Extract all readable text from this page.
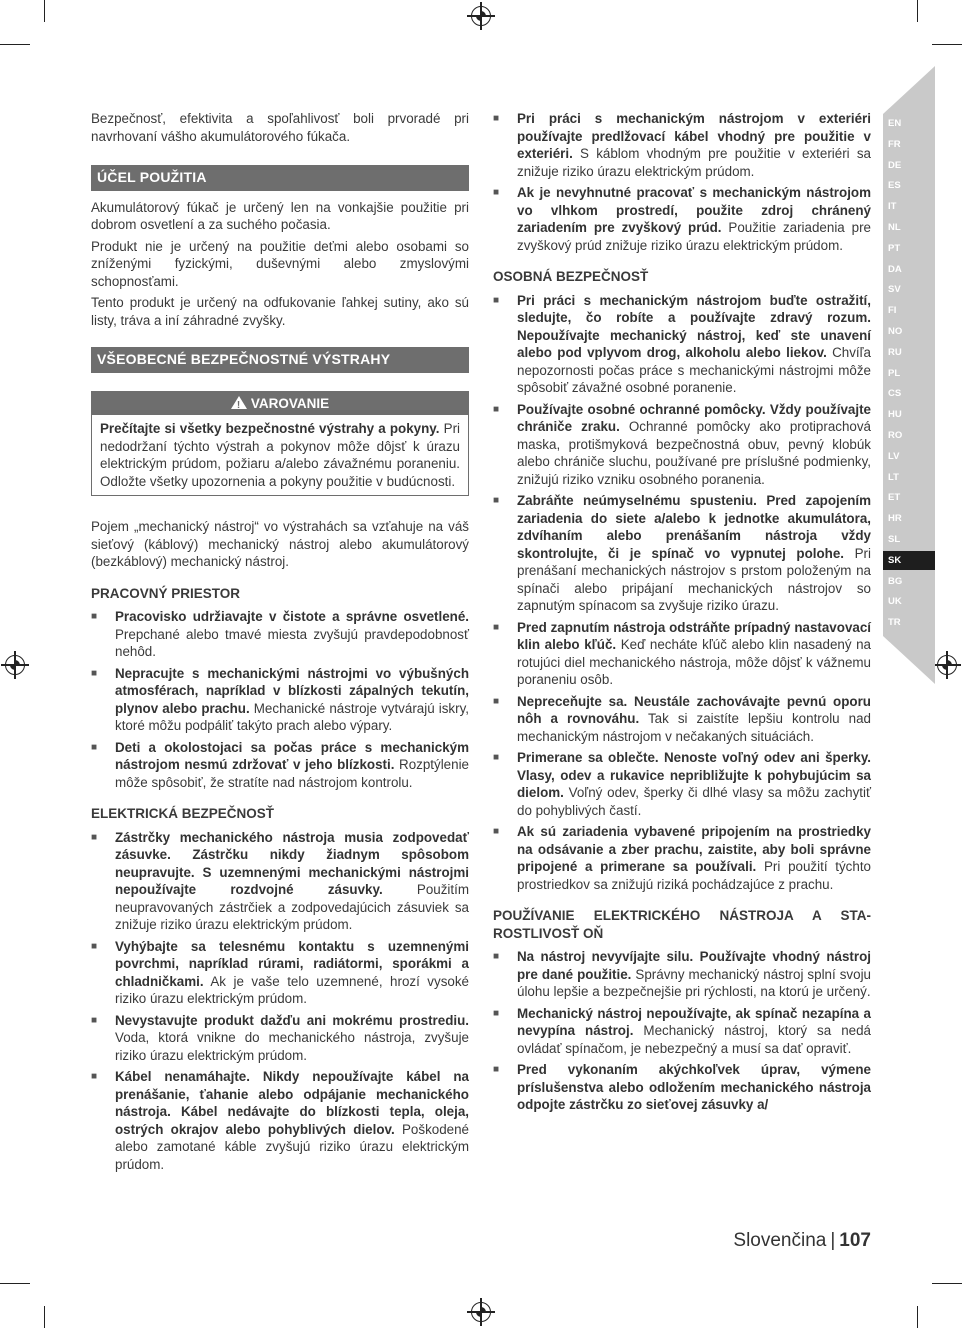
Bezpečnosť, efektivita a spoľahlivosť boli prvoradé pri navrhovaní vášho akumulátorového fúkača.

ÚČEL POUŽITIA

Akumulátorový fúkač je určený len na vonkajšie použitie pri dobrom osvetlení a za suchého počasia.

Produkt nie je určený na použitie deťmi alebo osobami so zníženými fyzickými, duševnými alebo zmyslovými schopnosťami.

Tento produkt je určený na odfukovanie ľahkej sutiny, ako sú listy, tráva a iní záhradné zvyšky.

VŠEOBECNÉ BEZPEČNOSTNÉ VÝSTRAHY
!VAROVANIE
Prečítajte si všetky bezpečnostné výstrahy a pokyny. Pri nedodržaní týchto výstrah a pokynov môže dôjsť k úrazu elektrickým prúdom, požiaru a/alebo závažnému poraneniu. Odložte všetky upozornenia a pokyny použitie v budúcnosti.

Pojem „mechanický nástroj“ vo výstrahách sa vzťahuje na váš sieťový (káblový) mechanický nástroj alebo akumulátorový (bezkáblový) mechanický nástroj.

PRACOVNÝ PRIESTOR
■ Pracovisko udržiavajte v čistote a správne osvetlené. Prepchané alebo tmavé miesta zvyšujú pravdepodobnosť nehôd.
■ Nepracujte s mechanickými nástrojmi vo výbušných atmosférach, napríklad v blízkosti zápalných tekutín, plynov alebo prachu. Mechanické nástroje vytvárajú iskry, ktoré môžu podpáliť takýto prach alebo výpary.
■ Deti a okolostojaci sa počas práce s mechanickým nástrojom nesmú zdržovať v jeho blízkosti. Rozptýlenie môže spôsobiť, že stratíte nad nástrojom kontrolu.
ELEKTRICKÁ BEZPEČNOSŤ
■ Zástrčky mechanického nástroja musia zodpovedať zásuvke. Zástrčku nikdy žiadnym spôsobom neupravujte. S uzemnenými mechanickými nástrojmi nepoužívajte rozdvojné zásuvky. Použitím neupravovaných zástrčiek a zodpovedajúcich zásuviek sa znižuje riziko úrazu elektrickým prúdom.
■ Vyhýbajte sa telesnému kontaktu s uzemnenými povrchmi, napríklad rúrami, radiátormi, sporákmi a chladničkami. Ak je vaše telo uzemnené, hrozí vysoké riziko úrazu elektrickým prúdom.
■ Nevystavujte produkt dažďu ani mokrému prostrediu. Voda, ktorá vnikne do mechanického nástroja, zvyšuje riziko úrazu elektrickým prúdom.
■ Kábel nenamáhajte. Nikdy nepoužívajte kábel na prenášanie, ťahanie alebo odpájanie mechanického nástroja. Kábel nedávajte do blízkosti tepla, oleja, ostrých okrajov alebo pohyblivých dielov. Poškodené alebo zamotané káble zvyšujú riziko úrazu elektrickým prúdom.
■ Pri práci s mechanickým nástrojom v exteriéri používajte predlžovací kábel vhodný pre použitie v exteriéri. S káblom vhodným pre použitie v exteriéri sa znižuje riziko úrazu elektrickým prúdom.
■ Ak je nevyhnutné pracovať s mechanickým nástrojom vo vlhkom prostredí, použite zdroj chránený zariadením pre zvyškový prúd. Použitie zariadenia pre zvyškový prúd znižuje riziko úrazu elektrickým prúdom.
OSOBNÁ BEZPEČNOSŤ
■ Pri práci s mechanickým nástrojom buďte ostražití, sledujte, čo robíte a používajte zdravý rozum. Nepoužívajte mechanický nástroj, keď ste unavení alebo pod vplyvom drog, alkoholu alebo liekov. Chvíľa nepozornosti počas práce s mechanickými nástrojmi môže spôsobiť závažné osobné poranenie.
■ Používajte osobné ochranné pomôcky. Vždy používajte chrániče zraku. Ochranné pomôcky ako protiprachová maska, protišmyková bezpečnostná obuv, pevný klobúk alebo chrániče sluchu, používané pre príslušné podmienky, znižujú riziko vzniku osobného poranenia.
■ Zabráňte neúmyselnému spusteniu. Pred zapojením zariadenia do siete a/alebo k jednotke akumulátora, zdvíhaním alebo prenášaním nástroja vždy skontrolujte, či je spínač vo vypnutej polohe. Pri prenášaní mechanických nástrojov s prstom položeným na spínači alebo pripájaní mechanických nástrojov so zapnutým spínacom sa zvyšuje riziko úrazu.
■ Pred zapnutím nástroja odstráňte prípadný nastavovací klin alebo kľúč. Keď necháte kľúč alebo klin nasadený na rotujúci diel mechanického nástroja, môže dôjsť k vážnemu poraneniu osôb.
■ Nepreceňujte sa. Neustále zachovávajte pevnú oporu nôh a rovnováhu. Tak si zaistíte lepšiu kontrolu nad mechanickým nástrojom v nečakaných situáciách.
■ Primerane sa oblečte. Nenoste voľný odev ani šperky. Vlasy, odev a rukavice nepribližujte k pohybujúcim sa dielom. Voľný odev, šperky či dlhé vlasy sa môžu zachytiť do pohyblivých častí.
■ Ak sú zariadenia vybavené pripojením na prostriedky na odsávanie a zber prachu, zaistite, aby boli správne pripojené a primerane sa používali. Pri použití týchto prostriedkov sa znižujú riziká pochádzajúce z prachu.
POUŽÍVANIE ELEKTRICKÉHO NÁSTROJA A STA-ROSTLIVOSŤ OŇ
■ Na nástroj nevyvíjajte silu. Používajte vhodný nástroj pre dané použitie. Správny mechanický nástroj splní svoju úlohu lepšie a bezpečnejšie pri rýchlosti, na ktorú je určený.
■ Mechanický nástroj nepoužívajte, ak spínač nezapína a nevypína nástroj. Mechanický nástroj, ktorý sa nedá ovládať spínačom, je nebezpečný a musí sa dať opraviť.
■ Pred vykonaním akýchkoľvek úprav, výmene príslušenstva alebo odložením mechanického nástroja odpojte zástrčku zo sieťovej zásuvky a/
EN
FR
DE
ES
IT
NL
PT
DA
SV
FI
NO
RU
PL
CS
HU
RO
LV
LT
ET
HR
SL
SK
BG
UK
TR
Slovenčina | 107
